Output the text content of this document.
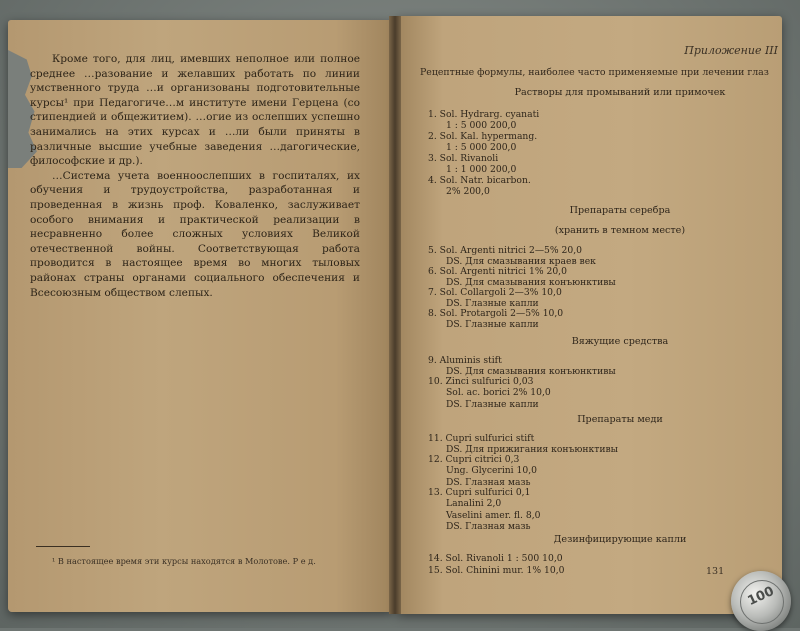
Кроме того, для лиц, имевших неполное или полное среднее …разование и желавших работать по линии умственного труда …и организованы подготовительные курсы¹ при Педагогиче…м институте имени Герцена (со стипендией и общежитием). …огие из ослепших успешно занимались на этих курсах и …ли были приняты в различные высшие учебные заведения …дагогические, философские и др.).

…Система учета военноослепших в госпиталях, их обучения и трудоустройства, разработанная и проведенная в жизнь проф. Коваленко, заслуживает особого внимания и практической реализации в несравненно более сложных условиях Великой отечественной войны. Соответствующая работа проводится в настоящее время во многих тыловых районах страны органами социального обеспечения и Всесоюзным обществом слепых.

¹ В настоящее время эти курсы находятся в Молотове. Р е д.
Приложение III
Рецептные формулы, наиболее часто применяемые при лечении глаз
Растворы для промываний или примочек
1. Sol. Hydrarg. cyanati
1 : 5 000 200,0
2. Sol. Kal. hypermang.
1 : 5 000 200,0
3. Sol. Rivanoli
1 : 1 000 200,0
4. Sol. Natr. bicarbon.
2% 200,0
Препараты серебра
(хранить в темном месте)
5. Sol. Argenti nitrici 2—5% 20,0
DS. Для смазывания краев век
6. Sol. Argenti nitrici 1% 20,0
DS. Для смазывания конъюнктивы
7. Sol. Collargoli 2—3% 10,0
DS. Глазные капли
8. Sol. Protargoli 2—5% 10,0
DS. Глазные капли
Вяжущие средства
9. Aluminis stift
DS. Для смазывания конъюнктивы
10. Zinci sulfurici 0,03
Sol. ac. borici 2% 10,0
DS. Глазные капли
Препараты меди
11. Cupri sulfurici stift
DS. Для прижигания конъюнктивы
12. Cupri citrici 0,3
Ung. Glycerini 10,0
DS. Глазная мазь
13. Cupri sulfurici 0,1
Lanalini 2,0
Vaselini amer. fl. 8,0
DS. Глазная мазь
Дезинфицирующие капли
14. Sol. Rivanoli 1 : 500 10,0
15. Sol. Chinini mur. 1% 10,0	131
100
